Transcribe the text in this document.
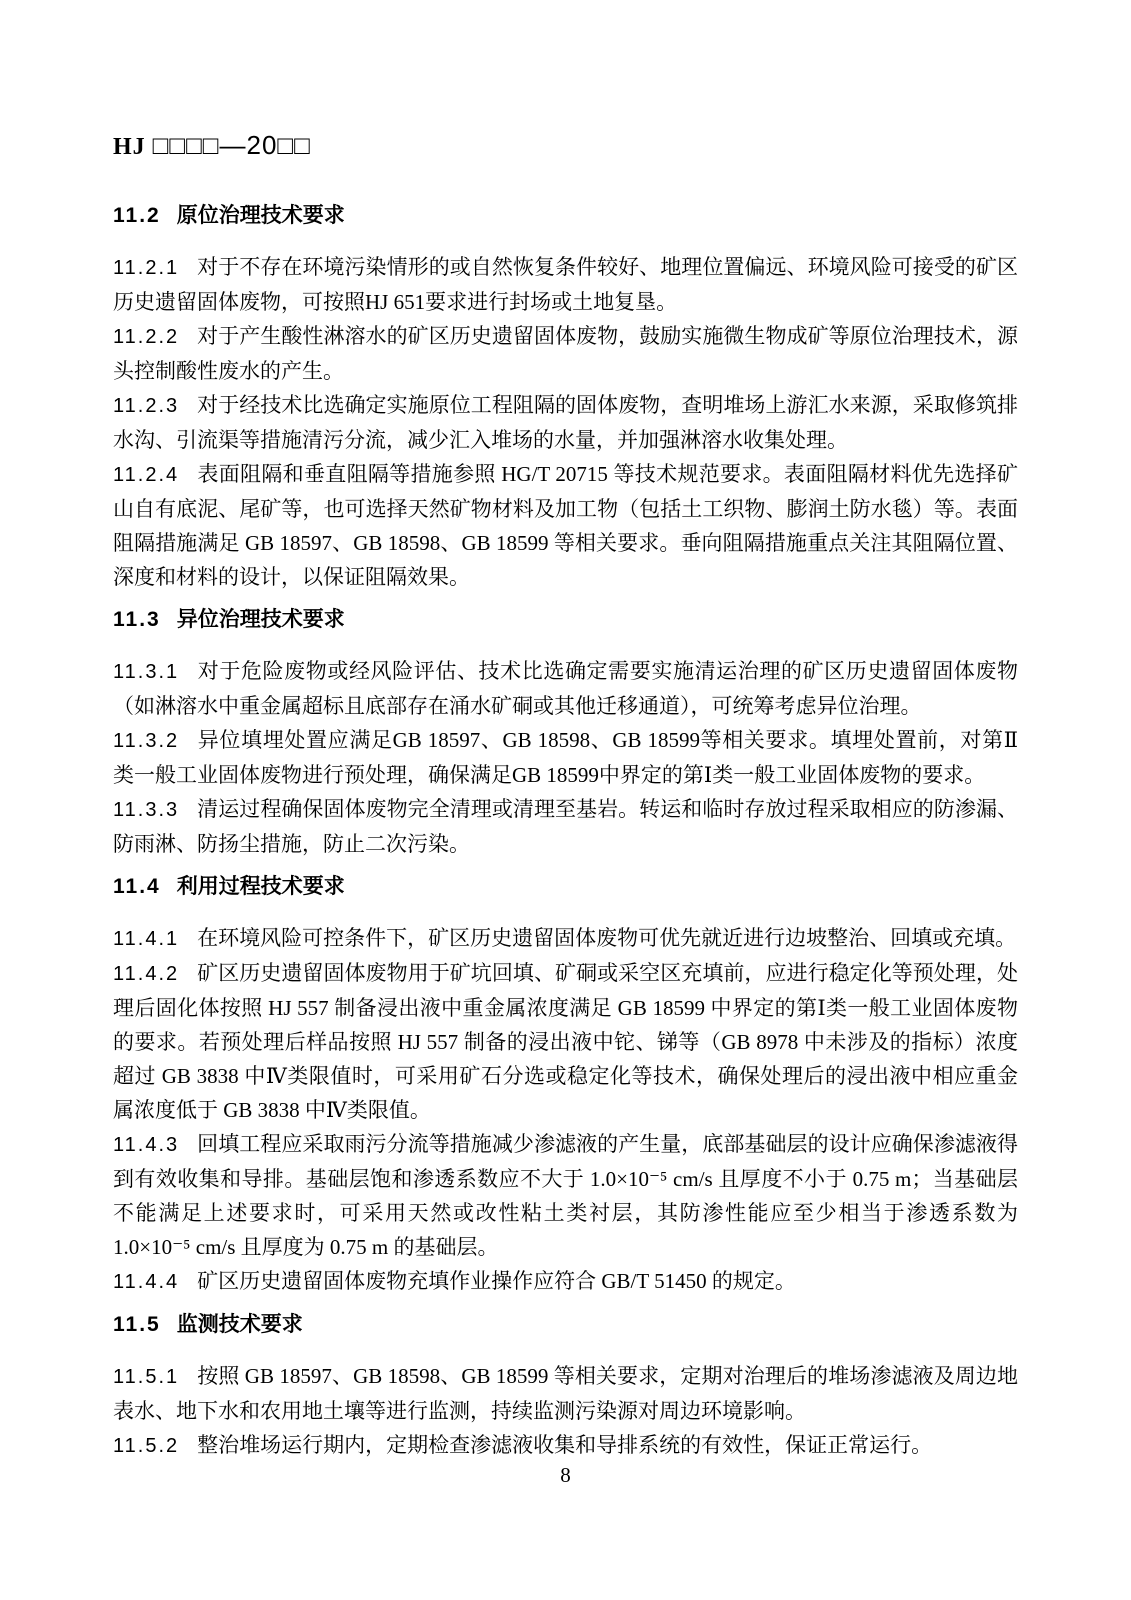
HJ □□□□—20□□
11.2 原位治理技术要求

11.2.1 对于不存在环境污染情形的或自然恢复条件较好、地理位置偏远、环境风险可接受的矿区历史遗留固体废物，可按照HJ 651要求进行封场或土地复垦。

11.2.2 对于产生酸性淋溶水的矿区历史遗留固体废物，鼓励实施微生物成矿等原位治理技术，源头控制酸性废水的产生。

11.2.3 对于经技术比选确定实施原位工程阻隔的固体废物，查明堆场上游汇水来源，采取修筑排水沟、引流渠等措施清污分流，减少汇入堆场的水量，并加强淋溶水收集处理。

11.2.4 表面阻隔和垂直阻隔等措施参照 HG/T 20715 等技术规范要求。表面阻隔材料优先选择矿山自有底泥、尾矿等，也可选择天然矿物材料及加工物（包括土工织物、膨润土防水毯）等。表面阻隔措施满足 GB 18597、GB 18598、GB 18599 等相关要求。垂向阻隔措施重点关注其阻隔位置、深度和材料的设计，以保证阻隔效果。

11.3 异位治理技术要求

11.3.1 对于危险废物或经风险评估、技术比选确定需要实施清运治理的矿区历史遗留固体废物（如淋溶水中重金属超标且底部存在涌水矿硐或其他迁移通道），可统筹考虑异位治理。

11.3.2 异位填埋处置应满足GB 18597、GB 18598、GB 18599等相关要求。填埋处置前，对第Ⅱ类一般工业固体废物进行预处理，确保满足GB 18599中界定的第Ⅰ类一般工业固体废物的要求。

11.3.3 清运过程确保固体废物完全清理或清理至基岩。转运和临时存放过程采取相应的防渗漏、防雨淋、防扬尘措施，防止二次污染。

11.4 利用过程技术要求

11.4.1 在环境风险可控条件下，矿区历史遗留固体废物可优先就近进行边坡整治、回填或充填。

11.4.2 矿区历史遗留固体废物用于矿坑回填、矿硐或采空区充填前，应进行稳定化等预处理，处理后固化体按照 HJ 557 制备浸出液中重金属浓度满足 GB 18599 中界定的第Ⅰ类一般工业固体废物的要求。若预处理后样品按照 HJ 557 制备的浸出液中铊、锑等（GB 8978 中未涉及的指标）浓度超过 GB 3838 中Ⅳ类限值时，可采用矿石分选或稳定化等技术，确保处理后的浸出液中相应重金属浓度低于 GB 3838 中Ⅳ类限值。

11.4.3 回填工程应采取雨污分流等措施减少渗滤液的产生量，底部基础层的设计应确保渗滤液得到有效收集和导排。基础层饱和渗透系数应不大于 1.0×10⁻⁵ cm/s 且厚度不小于 0.75 m；当基础层不能满足上述要求时，可采用天然或改性粘土类衬层，其防渗性能应至少相当于渗透系数为 1.0×10⁻⁵ cm/s 且厚度为 0.75 m 的基础层。

11.4.4 矿区历史遗留固体废物充填作业操作应符合 GB/T 51450 的规定。

11.5 监测技术要求

11.5.1 按照 GB 18597、GB 18598、GB 18599 等相关要求，定期对治理后的堆场渗滤液及周边地表水、地下水和农用地土壤等进行监测，持续监测污染源对周边环境影响。

11.5.2 整治堆场运行期内，定期检查渗滤液收集和导排系统的有效性，保证正常运行。

8
